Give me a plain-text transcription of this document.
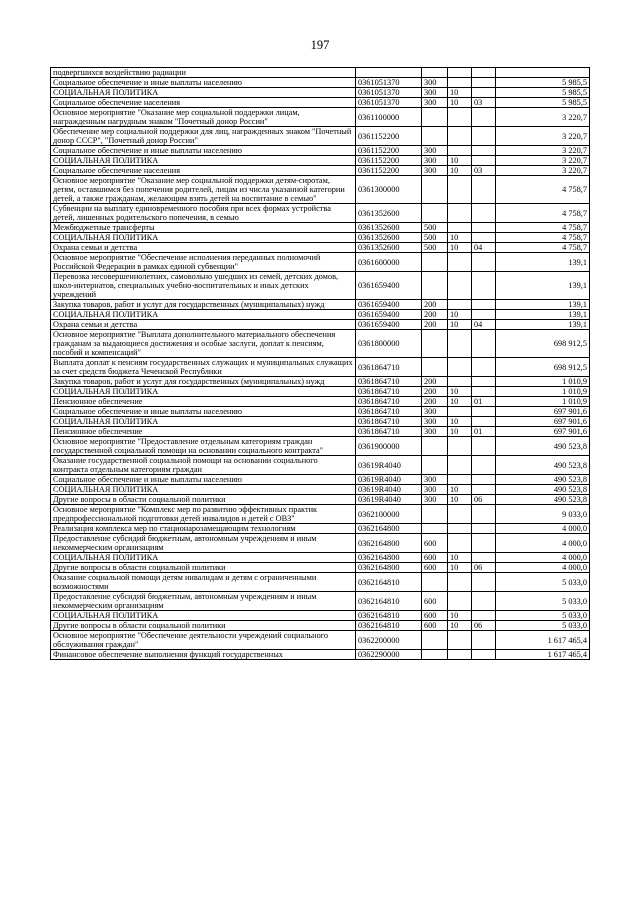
197
подвергшихся воздействию радиации					
Социальное обеспечение и иные выплаты населению	0361051370	300			5 985,5
СОЦИАЛЬНАЯ ПОЛИТИКА	0361051370	300	10		5 985,5
Социальное обеспечение населения	0361051370	300	10	03	5 985,5
Основное мероприятие "Оказание мер социальной поддержки лицам, награжденным нагрудным знаком "Почетный донор России"	0361100000				3 220,7
Обеспечение мер социальной поддержки для лиц, награжденных знаком "Почетный донор СССР", "Почетный донор России"	0361152200				3 220,7
Социальное обеспечение и иные выплаты населению	0361152200	300			3 220,7
СОЦИАЛЬНАЯ ПОЛИТИКА	0361152200	300	10		3 220,7
Социальное обеспечение населения	0361152200	300	10	03	3 220,7
Основное мероприятие "Оказание мер социальной поддержки детям-сиротам, детям, оставшимся без попечения родителей, лицам из числа указанной категории детей, а также гражданам, желающим взять детей на воспитание в семью"	0361300000				4 758,7
Субвенции на выплату единовременного пособия при всех формах устройства детей, лишенных родительского попечения, в семью	0361352600				4 758,7
Межбюджетные трансферты	0361352600	500			4 758,7
СОЦИАЛЬНАЯ ПОЛИТИКА	0361352600	500	10		4 758,7
Охрана семьи и детства	0361352600	500	10	04	4 758,7
Основное мероприятие "Обеспечение исполнения переданных полномочий Российской Федерации в рамках единой субвенции"	0361600000				139,1
Перевозка несовершеннолетних, самовольно ушедших из семей, детских домов, школ-интернатов, специальных учебно-воспитательных и иных детских учреждений	0361659400				139,1
Закупка товаров, работ и услуг для государственных (муниципальных) нужд	0361659400	200			139,1
СОЦИАЛЬНАЯ ПОЛИТИКА	0361659400	200	10		139,1
Охрана семьи и детства	0361659400	200	10	04	139,1
Основное мероприятие "Выплата дополнительного материального обеспечения гражданам за выдающиеся достижения и особые заслуги, доплат к пенсиям, пособий и компенсаций"	0361800000				698 912,5
Выплата доплат к пенсиям государственных служащих и муниципальных служащих за счет средств бюджета Чеченской Республики	0361864710				698 912,5
Закупка товаров, работ и услуг для государственных (муниципальных) нужд	0361864710	200			1 010,9
СОЦИАЛЬНАЯ ПОЛИТИКА	0361864710	200	10		1 010,9
Пенсионное обеспечение	0361864710	200	10	01	1 010,9
Социальное обеспечение и иные выплаты населению	0361864710	300			697 901,6
СОЦИАЛЬНАЯ ПОЛИТИКА	0361864710	300	10		697 901,6
Пенсионное обеспечение	0361864710	300	10	01	697 901,6
Основное мероприятие "Предоставление отдельным категориям граждан государственной социальной помощи на основании социального контракта"	0361900000				490 523,8
Оказание государственной социальной помощи на основании социального контракта отдельным категориям граждан	03619R4040				490 523,8
Социальное обеспечение и иные выплаты населению	03619R4040	300			490 523,8
СОЦИАЛЬНАЯ ПОЛИТИКА	03619R4040	300	10		490 523,8
Другие вопросы в области социальной политики	03619R4040	300	10	06	490 523,8
Основное мероприятие "Комплекс мер по развитию эффективных практик предпрофессиональной подготовки детей инвалидов и детей с ОВЗ"	0362100000				9 033,0
Реализация комплекса мер по стационарозамещающим технологиям	0362164800				4 000,0
Предоставление субсидий бюджетным, автономным учреждениям и иным некоммерческим организациям	0362164800	600			4 000,0
СОЦИАЛЬНАЯ ПОЛИТИКА	0362164800	600	10		4 000,0
Другие вопросы в области социальной политики	0362164800	600	10	06	4 000,0
Оказание социальной помощи детям инвалидам и детям с ограниченными возможностями	0362164810				5 033,0
Предоставление субсидий бюджетным, автономным учреждениям и иным некоммерческим организациям	0362164810	600			5 033,0
СОЦИАЛЬНАЯ ПОЛИТИКА	0362164810	600	10		5 033,0
Другие вопросы в области социальной политики	0362164810	600	10	06	5 033,0
Основное мероприятие "Обеспечение деятельности учреждений социального обслуживания граждан"	0362200000				1 617 465,4
Финансовое обеспечение выполнения функций государственных	0362290000				1 617 465,4
